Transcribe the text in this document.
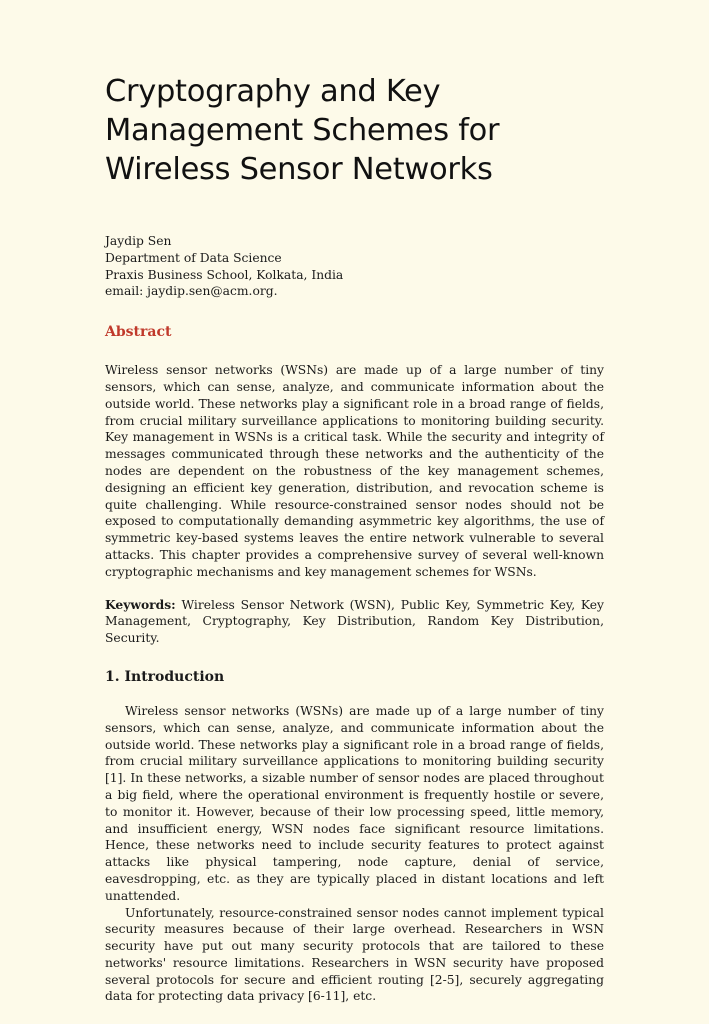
Cryptography and Key Management Schemes for Wireless Sensor Networks
Jaydip Sen
Department of Data Science
Praxis Business School, Kolkata, India
email: jaydip.sen@acm.org.
Abstract
Wireless sensor networks (WSNs) are made up of a large number of tiny sensors, which can sense, analyze, and communicate information about the outside world. These networks play a significant role in a broad range of fields, from crucial military surveillance applications to monitoring building security. Key management in WSNs is a critical task. While the security and integrity of messages communicated through these networks and the authenticity of the nodes are dependent on the robustness of the key management schemes, designing an efficient key generation, distribution, and revocation scheme is quite challenging. While resource-constrained sensor nodes should not be exposed to computationally demanding asymmetric key algorithms, the use of symmetric key-based systems leaves the entire network vulnerable to several attacks. This chapter provides a comprehensive survey of several well-known cryptographic mechanisms and key management schemes for WSNs.
Keywords: Wireless Sensor Network (WSN), Public Key, Symmetric Key, Key Management, Cryptography, Key Distribution, Random Key Distribution, Security.
1. Introduction
Wireless sensor networks (WSNs) are made up of a large number of tiny sensors, which can sense, analyze, and communicate information about the outside world. These networks play a significant role in a broad range of fields, from crucial military surveillance applications to monitoring building security [1]. In these networks, a sizable number of sensor nodes are placed throughout a big field, where the operational environment is frequently hostile or severe, to monitor it. However, because of their low processing speed, little memory, and insufficient energy, WSN nodes face significant resource limitations. Hence, these networks need to include security features to protect against attacks like physical tampering, node capture, denial of service, eavesdropping, etc. as they are typically placed in distant locations and left unattended.
Unfortunately, resource-constrained sensor nodes cannot implement typical security measures because of their large overhead. Researchers in WSN security have put out many security protocols that are tailored to these networks' resource limitations. Researchers in WSN security have proposed several protocols for secure and efficient routing [2-5], securely aggregating data for protecting data privacy [6-11], etc.
